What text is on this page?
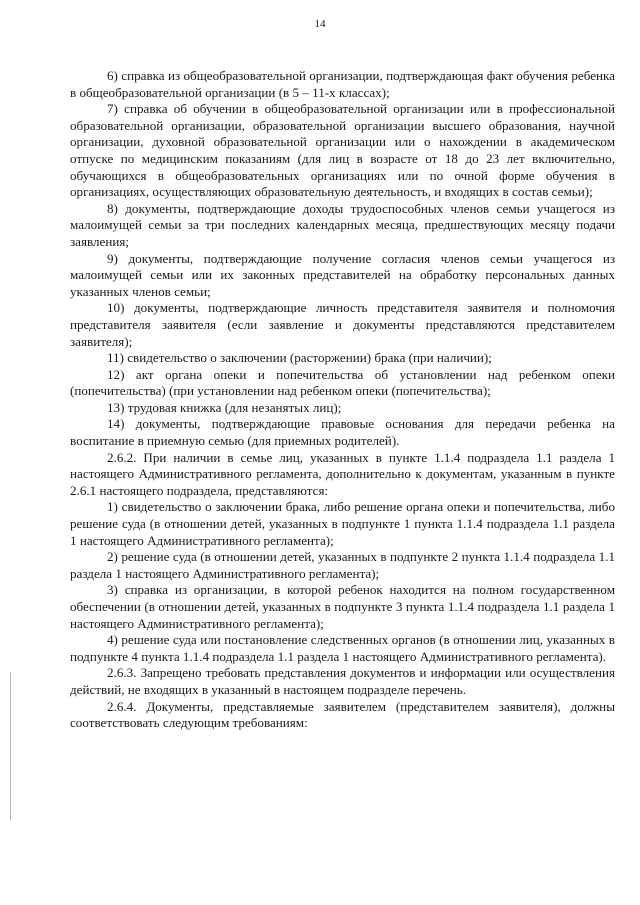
14

6) справка из общеобразовательной организации, подтверждающая факт обучения ребенка в общеобразовательной организации (в 5 – 11-х классах);

7) справка об обучении в общеобразовательной организации или в профессиональной образовательной организации, образовательной организации высшего образования, научной организации, духовной образовательной организации или о нахождении в академическом отпуске по медицинским показаниям (для лиц в возрасте от 18 до 23 лет включительно, обучающихся в общеобразовательных организациях или по очной форме обучения в организациях, осуществляющих образовательную деятельность, и входящих в состав семьи);

8) документы, подтверждающие доходы трудоспособных членов семьи учащегося из малоимущей семьи за три последних календарных месяца, предшествующих месяцу подачи заявления;

9) документы, подтверждающие получение согласия членов семьи учащегося из малоимущей семьи или их законных представителей на обработку персональных данных указанных членов семьи;

10) документы, подтверждающие личность представителя заявителя и полномочия представителя заявителя (если заявление и документы представляются представителем заявителя);

11) свидетельство о заключении (расторжении) брака (при наличии);

12) акт органа опеки и попечительства об установлении над ребенком опеки (попечительства) (при установлении над ребенком опеки (попечительства);

13) трудовая книжка (для незанятых лиц);

14) документы, подтверждающие правовые основания для передачи ребенка на воспитание в приемную семью (для приемных родителей).

2.6.2. При наличии в семье лиц, указанных в пункте 1.1.4 подраздела 1.1 раздела 1 настоящего Административного регламента, дополнительно к документам, указанным в пункте 2.6.1 настоящего подраздела, представляются:

1) свидетельство о заключении брака, либо решение органа опеки и попечительства, либо решение суда (в отношении детей, указанных в подпункте 1 пункта 1.1.4 подраздела 1.1 раздела 1 настоящего Административного регламента);

2) решение суда (в отношении детей, указанных в подпункте 2 пункта 1.1.4 подраздела 1.1 раздела 1 настоящего Административного регламента);

3) справка из организации, в которой ребенок находится на полном государственном обеспечении (в отношении детей, указанных в подпункте 3 пункта 1.1.4 подраздела 1.1 раздела 1 настоящего Административного регламента);

4) решение суда или постановление следственных органов (в отношении лиц, указанных в подпункте 4 пункта 1.1.4 подраздела 1.1 раздела 1 настоящего Административного регламента).

2.6.3. Запрещено требовать представления документов и информации или осуществления действий, не входящих в указанный в настоящем подразделе перечень.

2.6.4. Документы, представляемые заявителем (представителем заявителя), должны соответствовать следующим требованиям:
